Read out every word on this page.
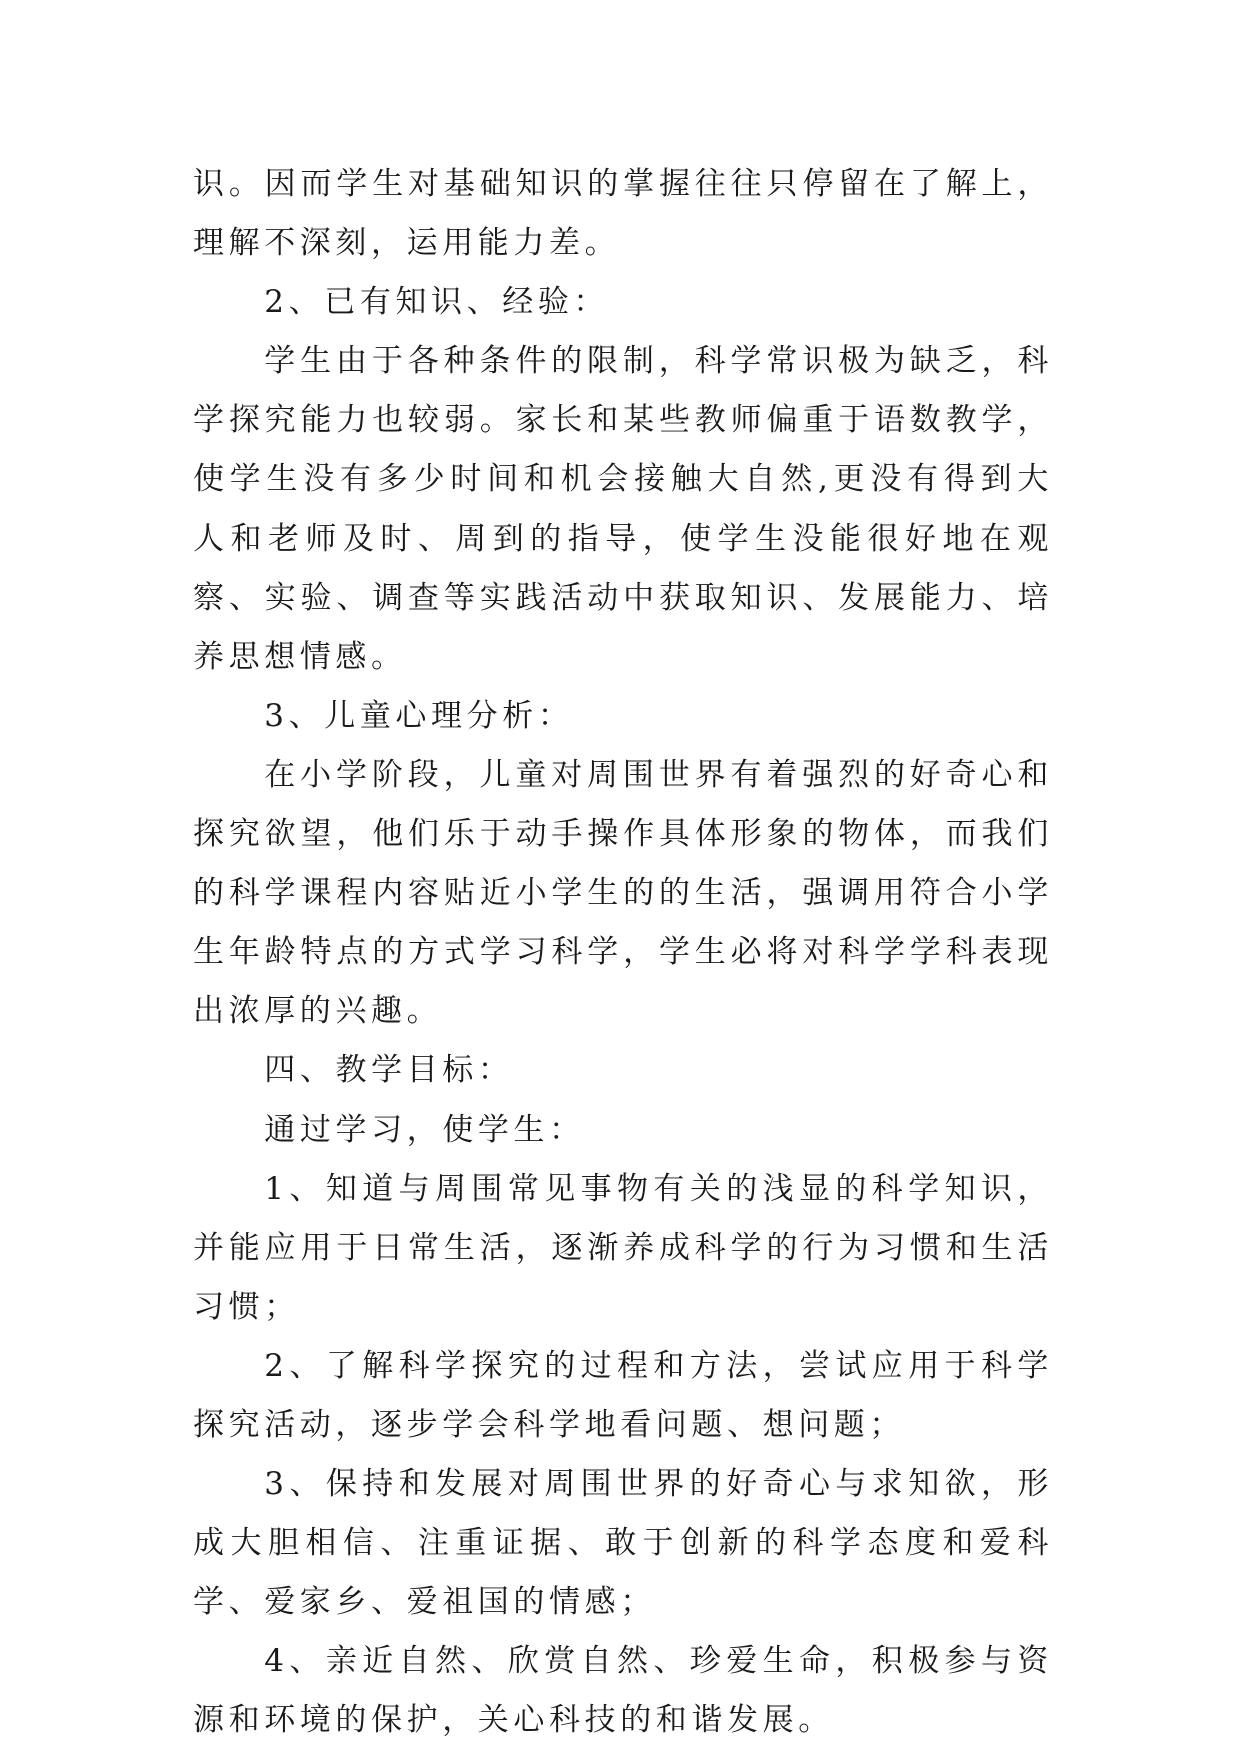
识。因而学生对基础知识的掌握往往只停留在了解上，理解不深刻，运用能力差。

2、已有知识、经验：

学生由于各种条件的限制，科学常识极为缺乏，科学探究能力也较弱。家长和某些教师偏重于语数教学，使学生没有多少时间和机会接触大自然,更没有得到大人和老师及时、周到的指导，使学生没能很好地在观察、实验、调查等实践活动中获取知识、发展能力、培养思想情感。

3、儿童心理分析：

在小学阶段，儿童对周围世界有着强烈的好奇心和探究欲望，他们乐于动手操作具体形象的物体，而我们的科学课程内容贴近小学生的的生活，强调用符合小学生年龄特点的方式学习科学，学生必将对科学学科表现出浓厚的兴趣。

四、教学目标：

通过学习，使学生：

1、知道与周围常见事物有关的浅显的科学知识，并能应用于日常生活，逐渐养成科学的行为习惯和生活习惯；

2、了解科学探究的过程和方法，尝试应用于科学探究活动，逐步学会科学地看问题、想问题；

3、保持和发展对周围世界的好奇心与求知欲，形成大胆相信、注重证据、敢于创新的科学态度和爱科学、爱家乡、爱祖国的情感；

4、亲近自然、欣赏自然、珍爱生命，积极参与资源和环境的保护，关心科技的和谐发展。
